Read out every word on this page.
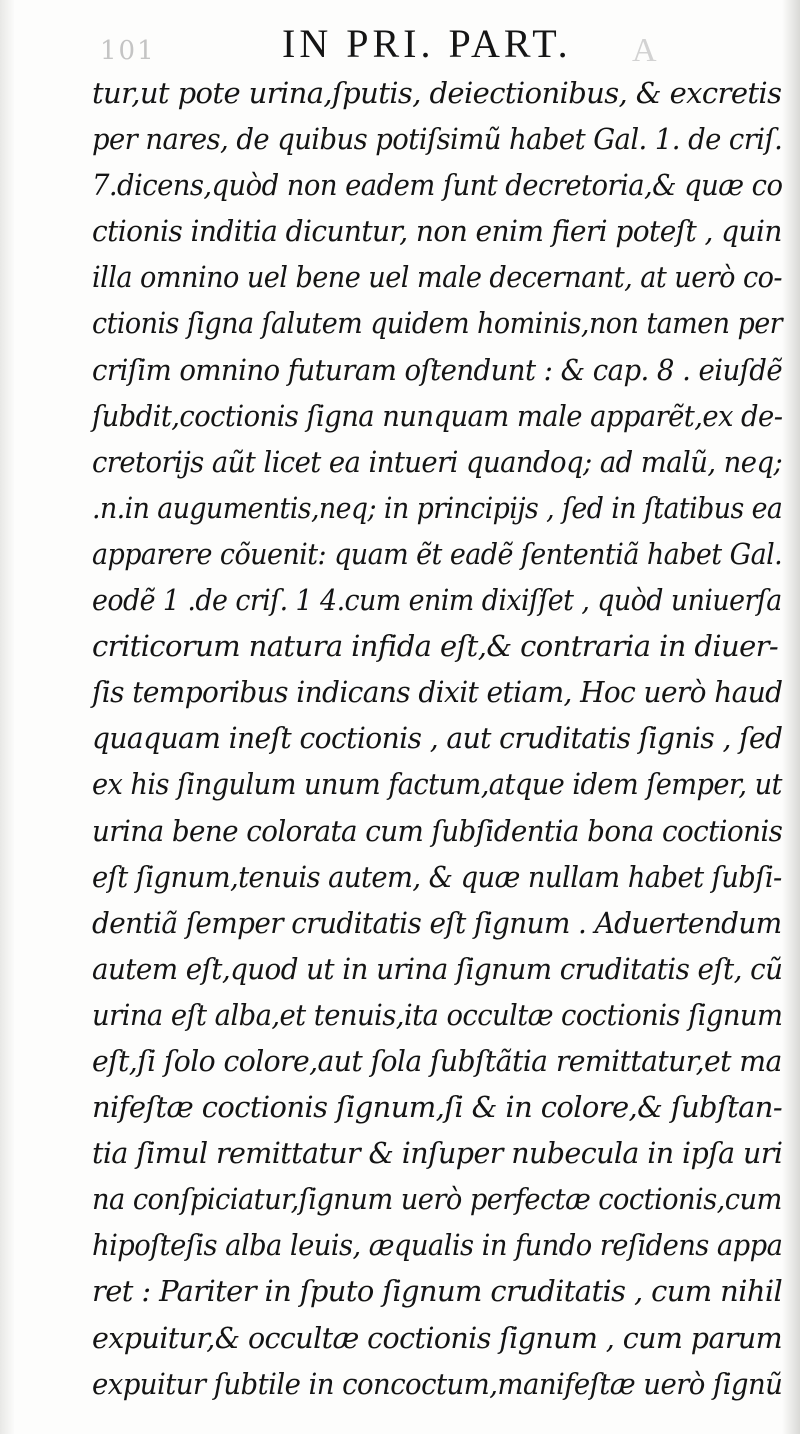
101	IN PRI. PART. A
tur,ut pote urina,ſputis, deiectionibus, & excretis
per nares, de quibus potiſsimũ habet Gal. 1. de criſ.
7.dicens,quòd non eadem ſunt decretoria,& quæ co
ctionis inditia dicuntur, non enim fieri poteſt , quin
illa omnino uel bene uel male decernant, at uerò co-
ctionis ſigna ſalutem quidem hominis,non tamen per
criſim omnino futuram oſtendunt : & cap. 8 . eiuſdẽ
ſubdit,coctionis ſigna nunquam male apparẽt,ex de-
cretorijs aũt licet ea intueri quandoq; ad malũ, neq;
.n.in augumentis,neq; in principijs , ſed in ſtatibus ea
apparere cõuenit: quam ẽt eadẽ ſententiã habet Gal.
eodẽ 1 .de criſ. 1 4.cum enim dixiſſet , quòd uniuerſa
criticorum natura infida eſt,& contraria in diuer-
ſis temporibus indicans dixit etiam, Hoc uerò haud
quaquam ineſt coctionis , aut cruditatis ſignis , ſed
ex his ſingulum unum factum,atque idem ſemper, ut
urina bene colorata cum ſubſidentia bona coctionis
eſt ſignum,tenuis autem, & quæ nullam habet ſubſi-
dentiã ſemper cruditatis eſt ſignum . Aduertendum
autem eſt,quod ut in urina ſignum cruditatis eſt, cũ
urina eſt alba,et tenuis,ita occultæ coctionis ſignum
eſt,ſi ſolo colore,aut ſola ſubſtãtia remittatur,et ma
nifeſtæ coctionis ſignum,ſi & in colore,& ſubſtan-
tia ſimul remittatur & inſuper nubecula in ipſa uri
na conſpiciatur,ſignum uerò perfectæ coctionis,cum
hipoſteſis alba leuis, æqualis in fundo reſidens appa
ret : Pariter in ſputo ſignum cruditatis , cum nihil
expuitur,& occultæ coctionis ſignum , cum parum
expuitur ſubtile in concoctum,manifeſtæ uerò ſignũ
